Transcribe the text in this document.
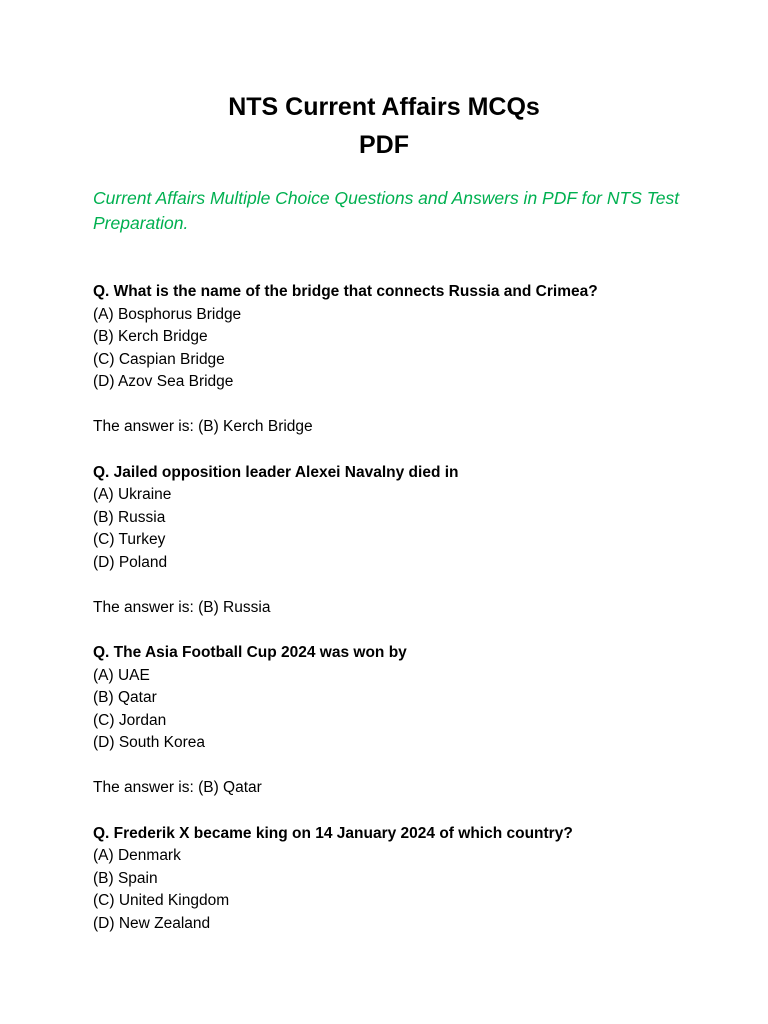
NTS Current Affairs MCQs
PDF

Current Affairs Multiple Choice Questions and Answers in PDF for NTS Test Preparation.

Q. What is the name of the bridge that connects Russia and Crimea?

(A) Bosphorus Bridge

(B) Kerch Bridge

(C) Caspian Bridge

(D) Azov Sea Bridge

The answer is: (B) Kerch Bridge

Q. Jailed opposition leader Alexei Navalny died in

(A) Ukraine

(B) Russia

(C) Turkey

(D) Poland

The answer is: (B) Russia

Q. The Asia Football Cup 2024 was won by

(A) UAE

(B) Qatar

(C) Jordan

(D) South Korea

The answer is: (B) Qatar

Q. Frederik X became king on 14 January 2024 of which country?

(A) Denmark

(B) Spain

(C) United Kingdom

(D) New Zealand
